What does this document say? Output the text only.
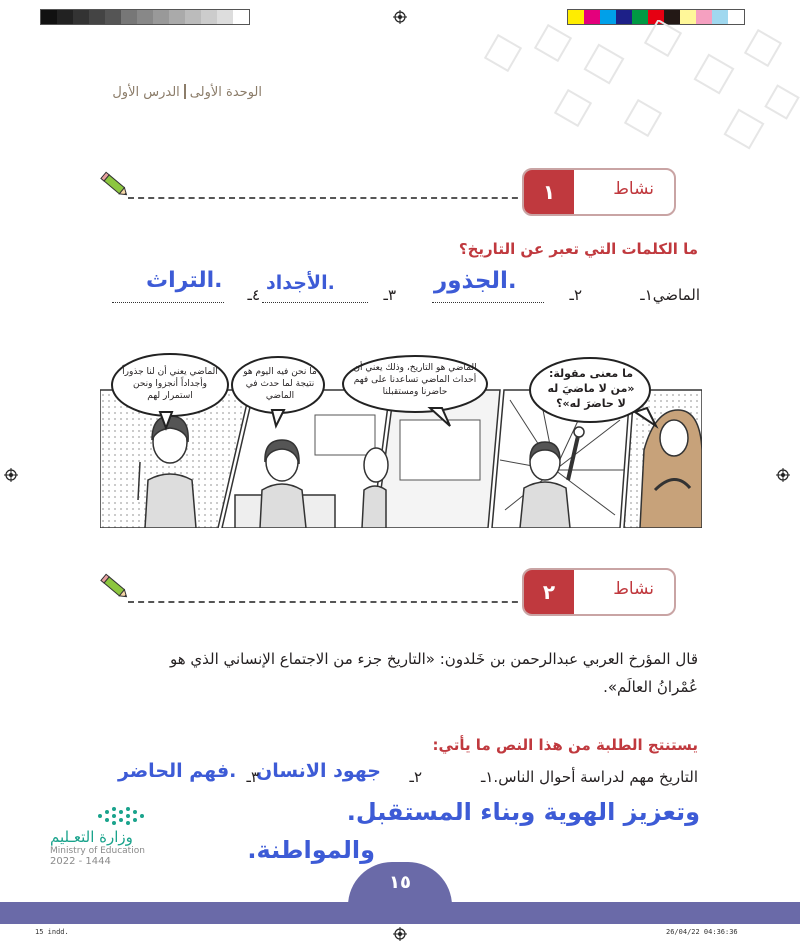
الوحدة الأولىالدرس الأول
نشاط
١
ما الكلمات التي تعبر عن التاريخ؟
الماضي١ـ
٢ـ
الجذور.
٣ـ
الأجداد.
٤ـ
التراث.
الماضي يعني أن لنا جذوراً وأجداداً أنجزوا ونحن استمرار لهم
ما نحن فيه اليوم هو نتيجة لما حدث في الماضي
الماضي هو التاريخ، وذلك يعني أن أحداث الماضي تساعدنا على فهم حاضرنا ومستقبلنا
ما معنى مقولة: «من لا ماضيَ له لا حاضرَ له»؟
نشاط
٢
قال المؤرخ العربي عبدالرحمن بن خَلدون: «التاريخ جزء من الاجتماع الإنساني الذي هو
عُمْرانُ العالَم».
يستنتج الطلبة من هذا النص ما يأتي:
التاريخ مهم لدراسة أحوال الناس.١ـ
٢ـ
جهود الانسان
٣ـ
فهم الحاضر.
وتعزيز الهوية وبناء المستقبل.
والمواطنة.
وزارة التعـليم
Ministry of Education
2022 - 1444
١٥
15 indd.	26/04/22 04:36:36
